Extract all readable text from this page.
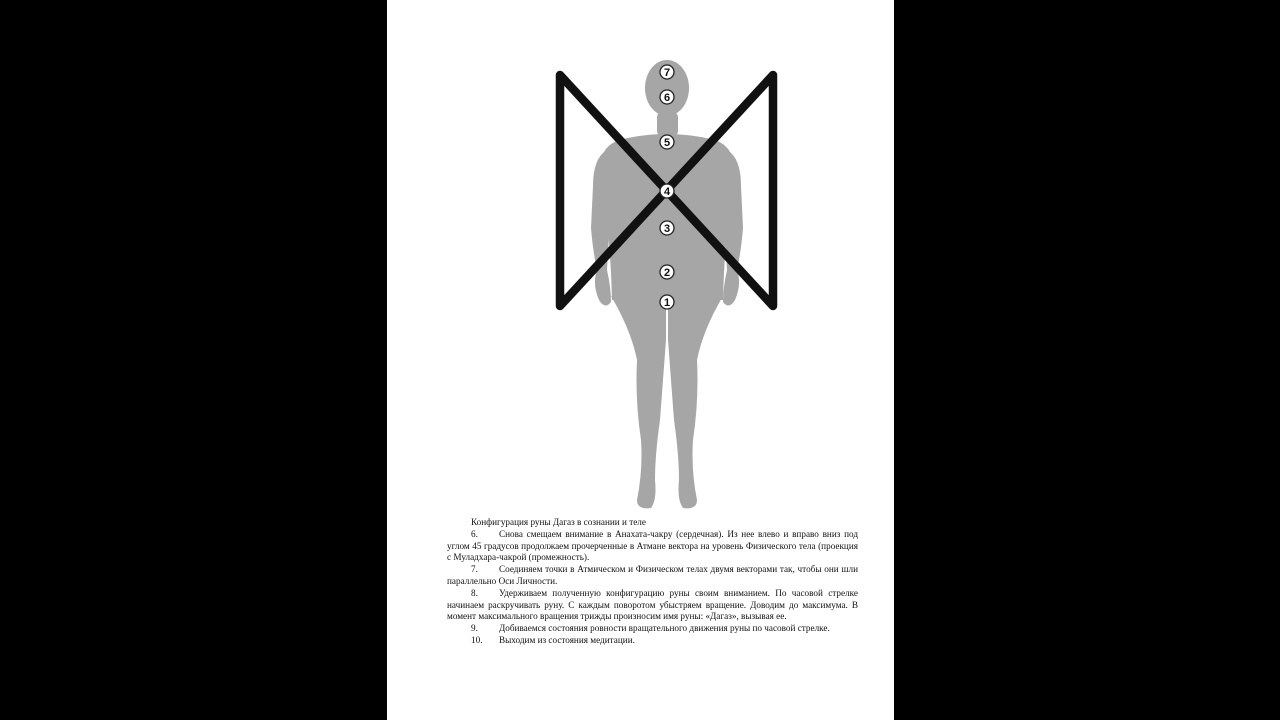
7
6
5
4
3
2
1

Конфигурация руны Дагаз в сознании и теле

6. Снова смещаем внимание в Анахата-чакру (сердечная). Из нее влево и вправо вниз под углом 45 градусов продолжаем прочерченные в Атмане вектора на уровень Физического тела (проекция с Муладхара-чакрой (промежность).

7. Соединяем точки в Атмическом и Физическом телах двумя векторами так, чтобы они шли параллельно Оси Личности.

8. Удерживаем полученную конфигурацию руны своим вниманием. По часовой стрелке начинаем раскручивать руну. С каждым поворотом убыстряем вращение. Доводим до максимума. В момент максимального вращения трижды произносим имя руны: «Дагаз», вызывая ее.

9. Добиваемся состояния ровности вращательного движения руны по часовой стрелке.

10. Выходим из состояния медитации.
